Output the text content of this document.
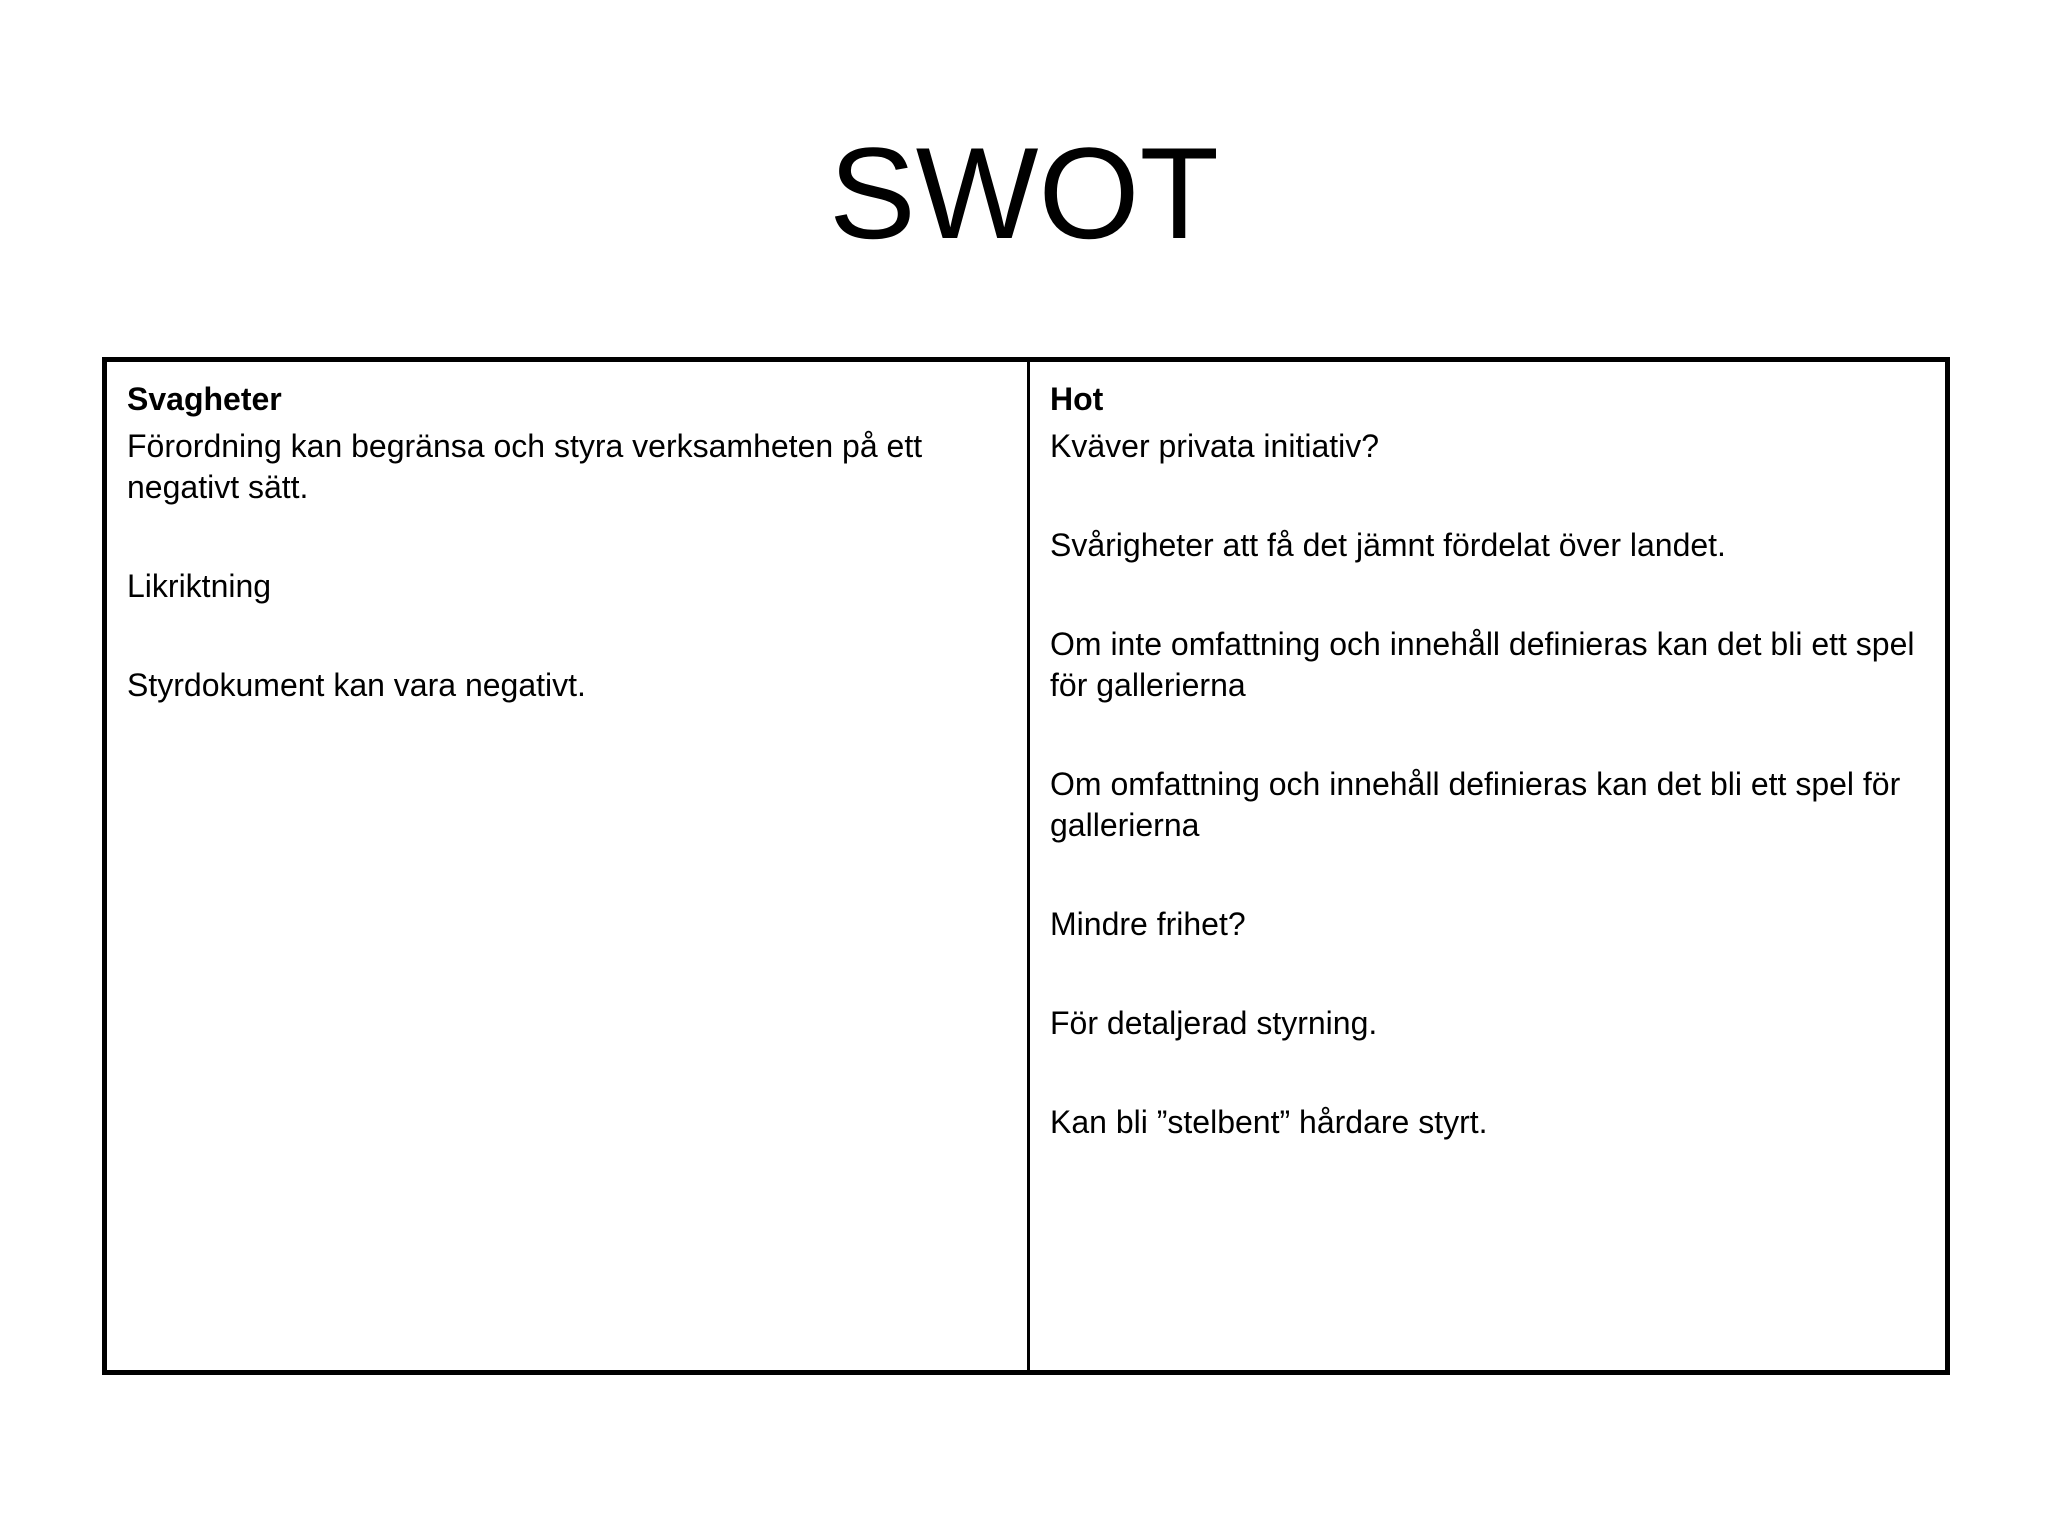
SWOT
Svagheter
Förordning kan begränsa och styra verksamheten på ett negativt sätt.
Likriktning
Styrdokument kan vara negativt.
Hot
Kväver privata initiativ?
Svårigheter att få det jämnt fördelat över landet.
Om inte omfattning och innehåll definieras kan det bli ett spel för gallerierna
Om omfattning och innehåll definieras kan det bli ett spel för gallerierna
Mindre frihet?
För detaljerad styrning.
Kan bli ”stelbent” hårdare styrt.
